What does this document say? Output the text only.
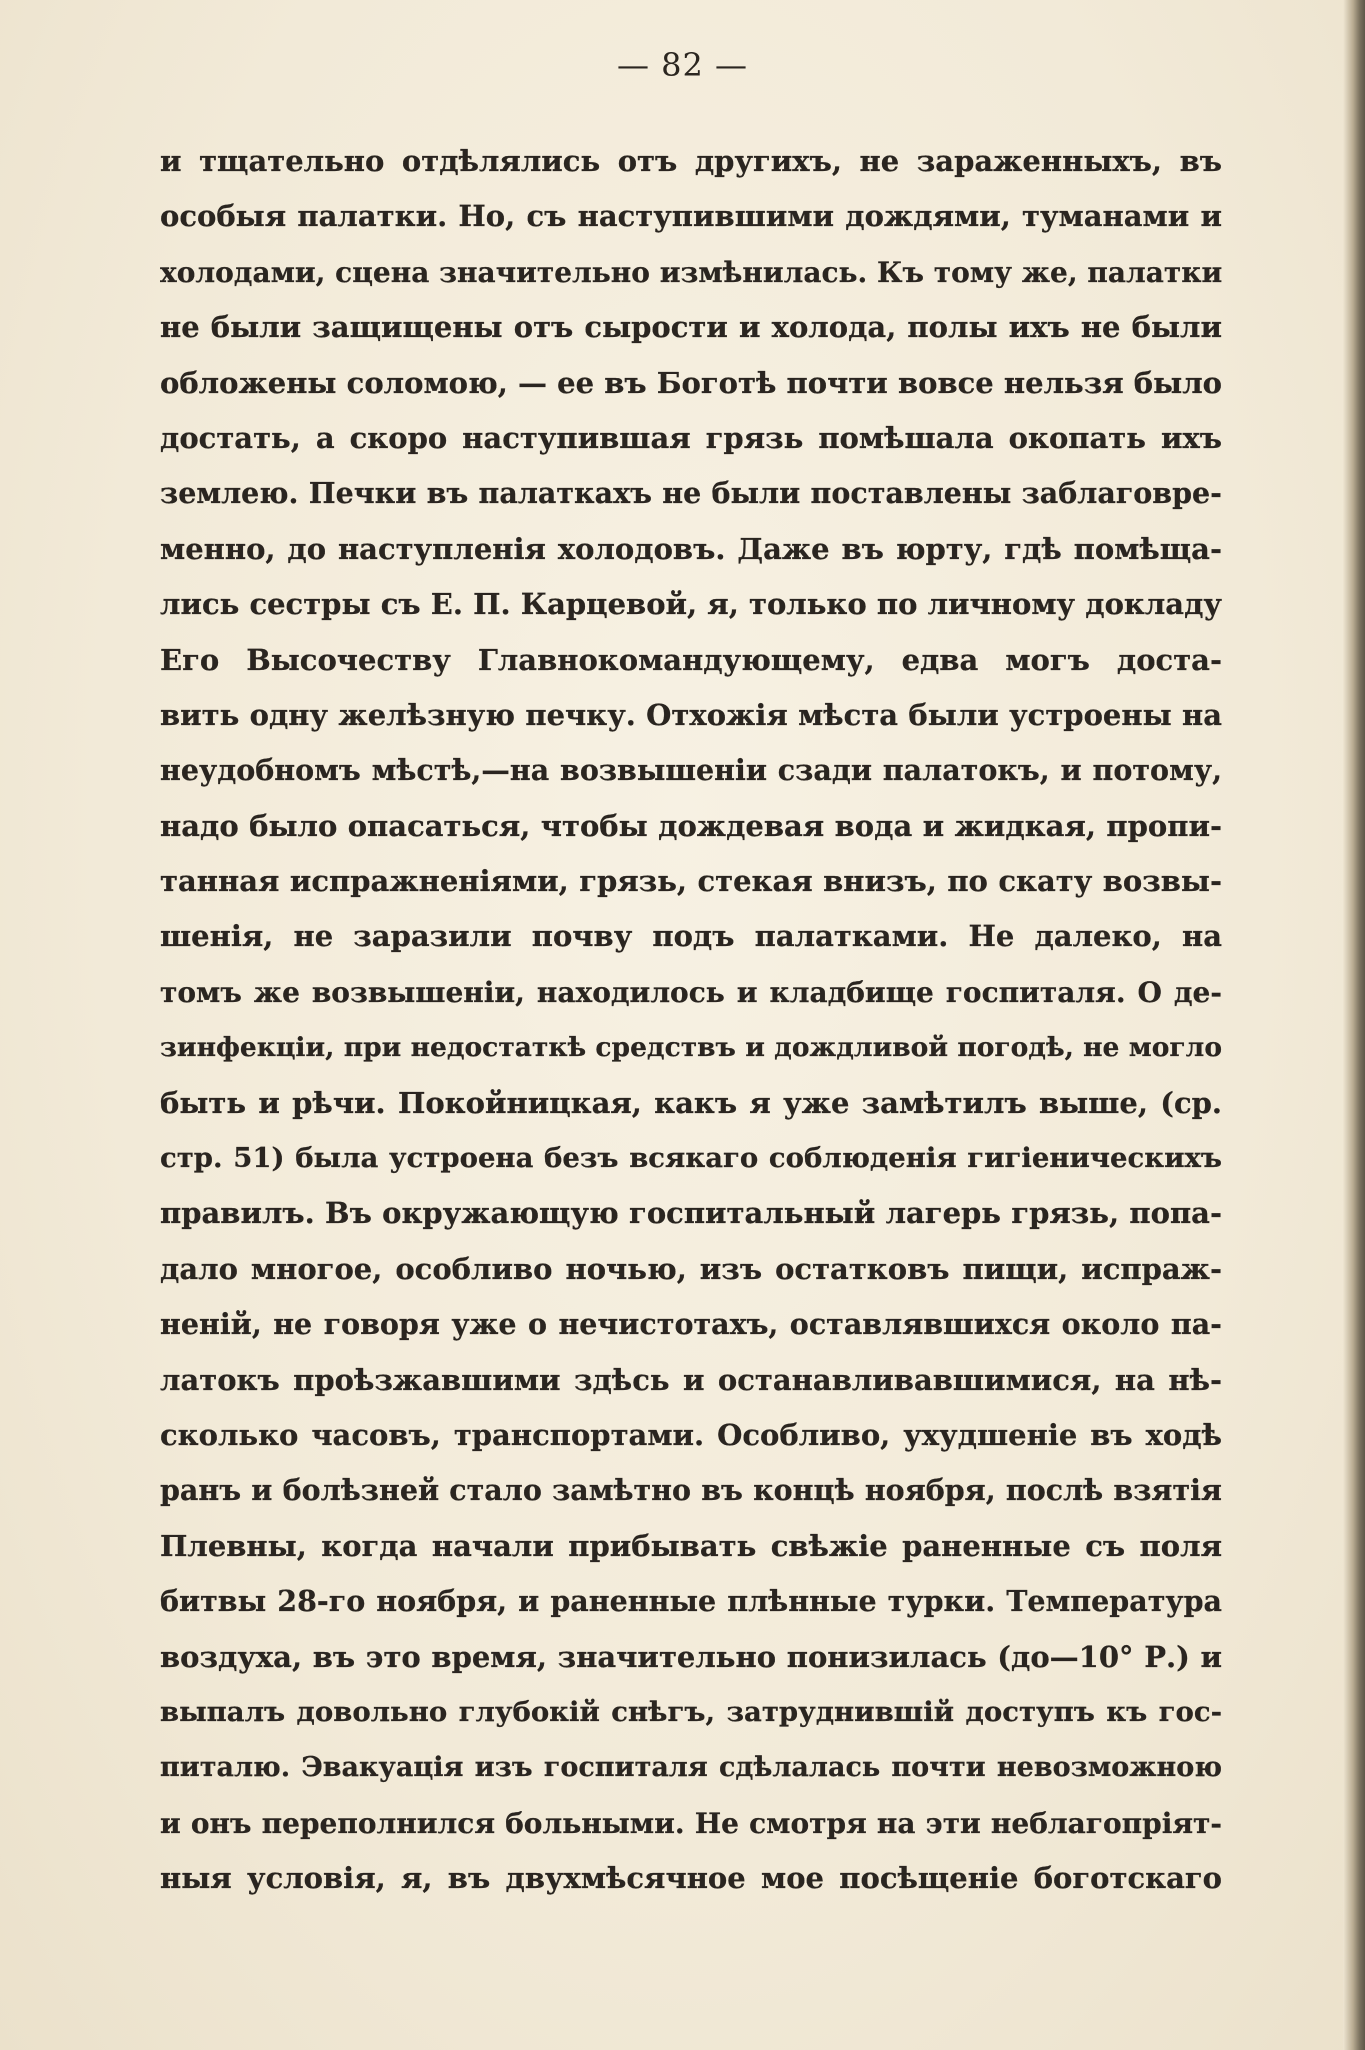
— 82 —
и тщательно отдѣлялись отъ другихъ, не зараженныхъ, въ
особыя палатки. Но, съ наступившими дождями, туманами и
холодами, сцена значительно измѣнилась. Къ тому же, палатки
не были защищены отъ сырости и холода, полы ихъ не были
обложены соломою, — ее въ Боготѣ почти вовсе нельзя было
достать, а скоро наступившая грязь помѣшала окопать ихъ
землею. Печки въ палаткахъ не были поставлены заблаговре-
менно, до наступленія холодовъ. Даже въ юрту, гдѣ помѣща-
лись сестры съ Е. П. Карцевой, я, только по личному докладу
Его Высочеству Главнокомандующему, едва могъ доста-
вить одну желѣзную печку. Отхожія мѣста были устроены на
неудобномъ мѣстѣ,—на возвышеніи сзади палатокъ, и потому,
надо было опасаться, чтобы дождевая вода и жидкая, пропи-
танная испражненіями, грязь, стекая внизъ, по скату возвы-
шенія, не заразили почву подъ палатками. Не далеко, на
томъ же возвышеніи, находилось и кладбище госпиталя. О де-
зинфекціи, при недостаткѣ средствъ и дождливой погодѣ, не могло
быть и рѣчи. Покойницкая, какъ я уже замѣтилъ выше, (ср.
стр. 51) была устроена безъ всякаго соблюденія гигіеническихъ
правилъ. Въ окружающую госпитальный лагерь грязь, попа-
дало многое, особливо ночью, изъ остатковъ пищи, испраж-
неній, не говоря уже о нечистотахъ, оставлявшихся около па-
латокъ проѣзжавшими здѣсь и останавливавшимися, на нѣ-
сколько часовъ, транспортами. Особливо, ухудшеніе въ ходѣ
ранъ и болѣзней стало замѣтно въ концѣ ноября, послѣ взятія
Плевны, когда начали прибывать свѣжіе раненные съ поля
битвы 28-го ноября, и раненные плѣнные турки. Температура
воздуха, въ это время, значительно понизилась (до—10° Р.) и
выпалъ довольно глубокій снѣгъ, затруднившій доступъ къ гос-
питалю. Эвакуація изъ госпиталя сдѣлалась почти невозможною
и онъ переполнился больными. Не смотря на эти неблагопріят-
ныя условія, я, въ двухмѣсячное мое посѣщеніе боготскаго
